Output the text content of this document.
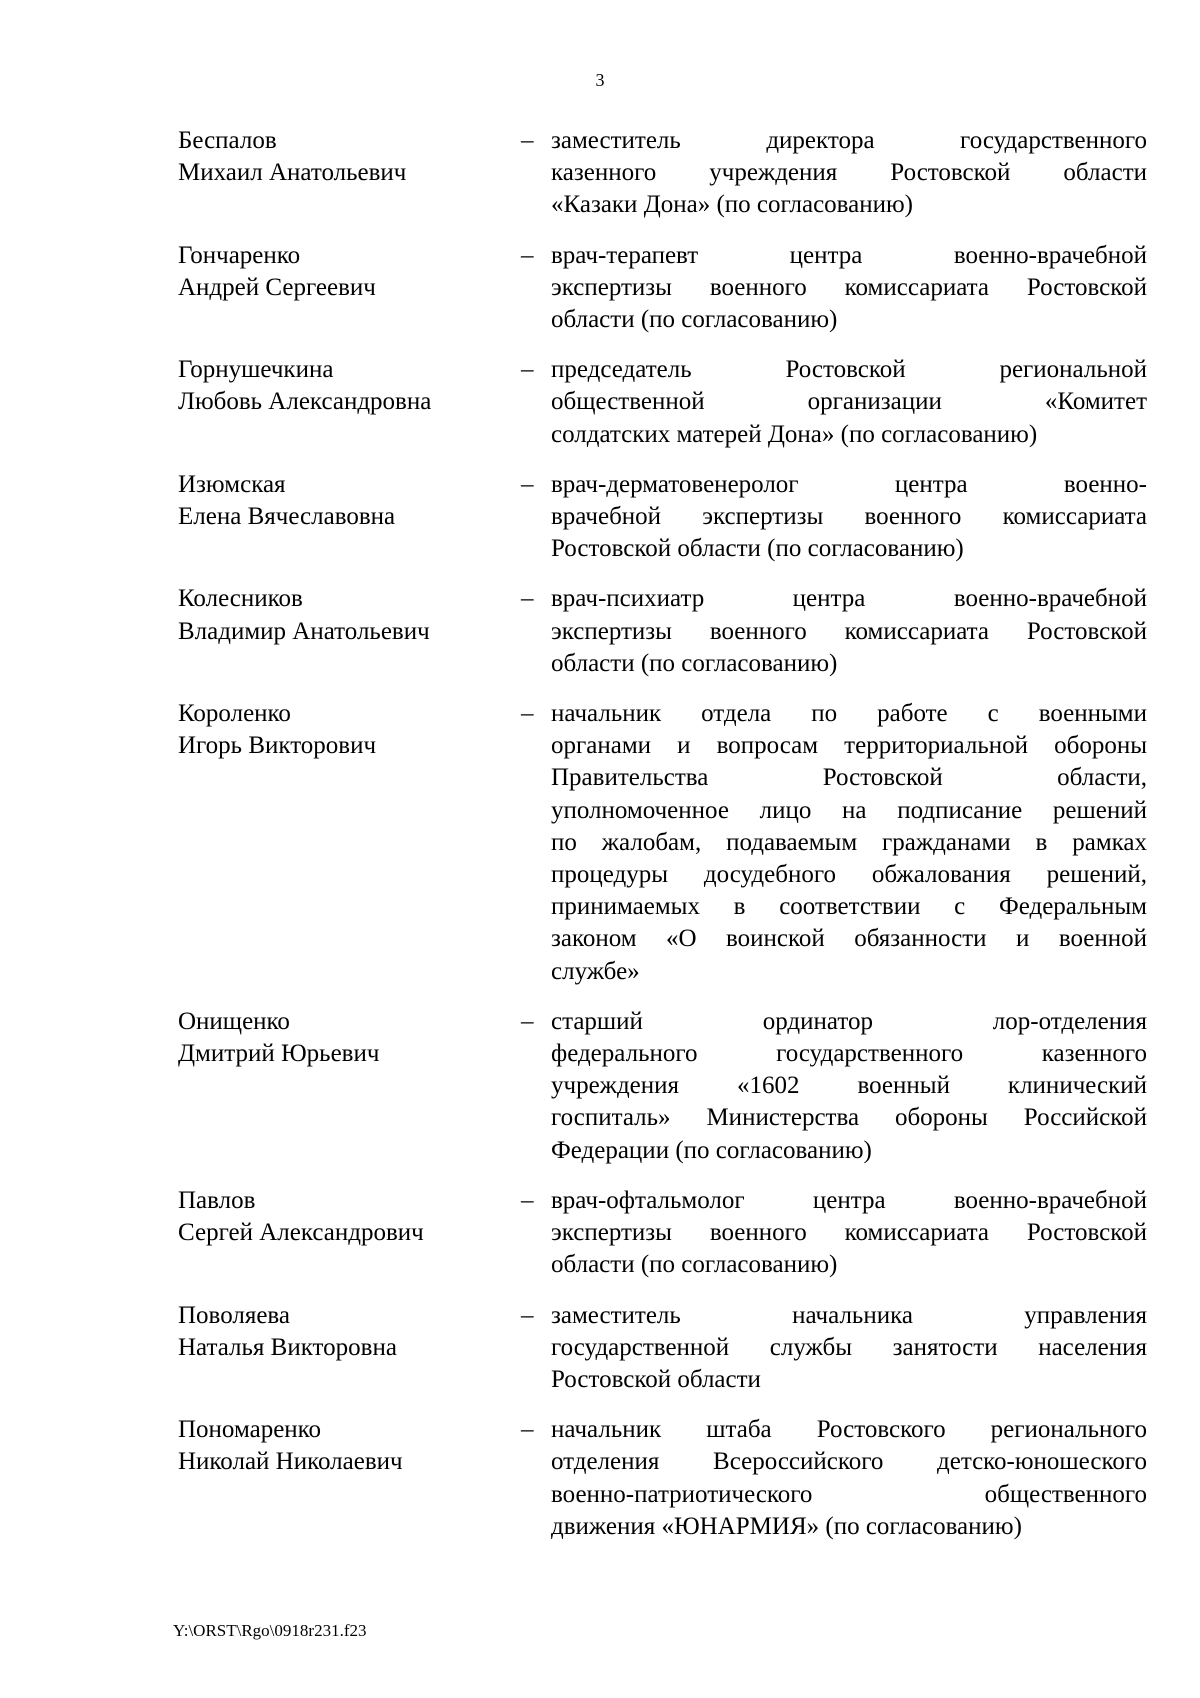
3
Беспалов
Михаил Анатольевич
– заместитель директора государственного
казенного учреждения Ростовской области
«Казаки Дона» (по согласованию)
Гончаренко
Андрей Сергеевич
– врач-терапевт центра военно-врачебной
экспертизы военного комиссариата Ростовской
области (по согласованию)
Горнушечкина
Любовь Александровна
– председатель Ростовской региональной
общественной организации «Комитет
солдатских матерей Дона» (по согласованию)
Изюмская
Елена Вячеславовна
– врач-дерматовенеролог центра военно-
врачебной экспертизы военного комиссариата
Ростовской области (по согласованию)
Колесников
Владимир Анатольевич
– врач-психиатр центра военно-врачебной
экспертизы военного комиссариата Ростовской
области (по согласованию)
Короленко
Игорь Викторович
– начальник отдела по работе с военными
органами и вопросам территориальной обороны
Правительства Ростовской области,
уполномоченное лицо на подписание решений
по жалобам, подаваемым гражданами в рамках
процедуры досудебного обжалования решений,
принимаемых в соответствии с Федеральным
законом «О воинской обязанности и военной
службе»
Онищенко
Дмитрий Юрьевич
– старший ординатор лор-отделения
федерального государственного казенного
учреждения «1602 военный клинический
госпиталь» Министерства обороны Российской
Федерации (по согласованию)
Павлов
Сергей Александрович
– врач-офтальмолог центра военно-врачебной
экспертизы военного комиссариата Ростовской
области (по согласованию)
Поволяева
Наталья Викторовна
– заместитель начальника управления
государственной службы занятости населения
Ростовской области
Пономаренко
Николай Николаевич
– начальник штаба Ростовского регионального
отделения Всероссийского детско-юношеского
военно-патриотического общественного
движения «ЮНАРМИЯ» (по согласованию)
Y:\ORST\Rgo\0918r231.f23
